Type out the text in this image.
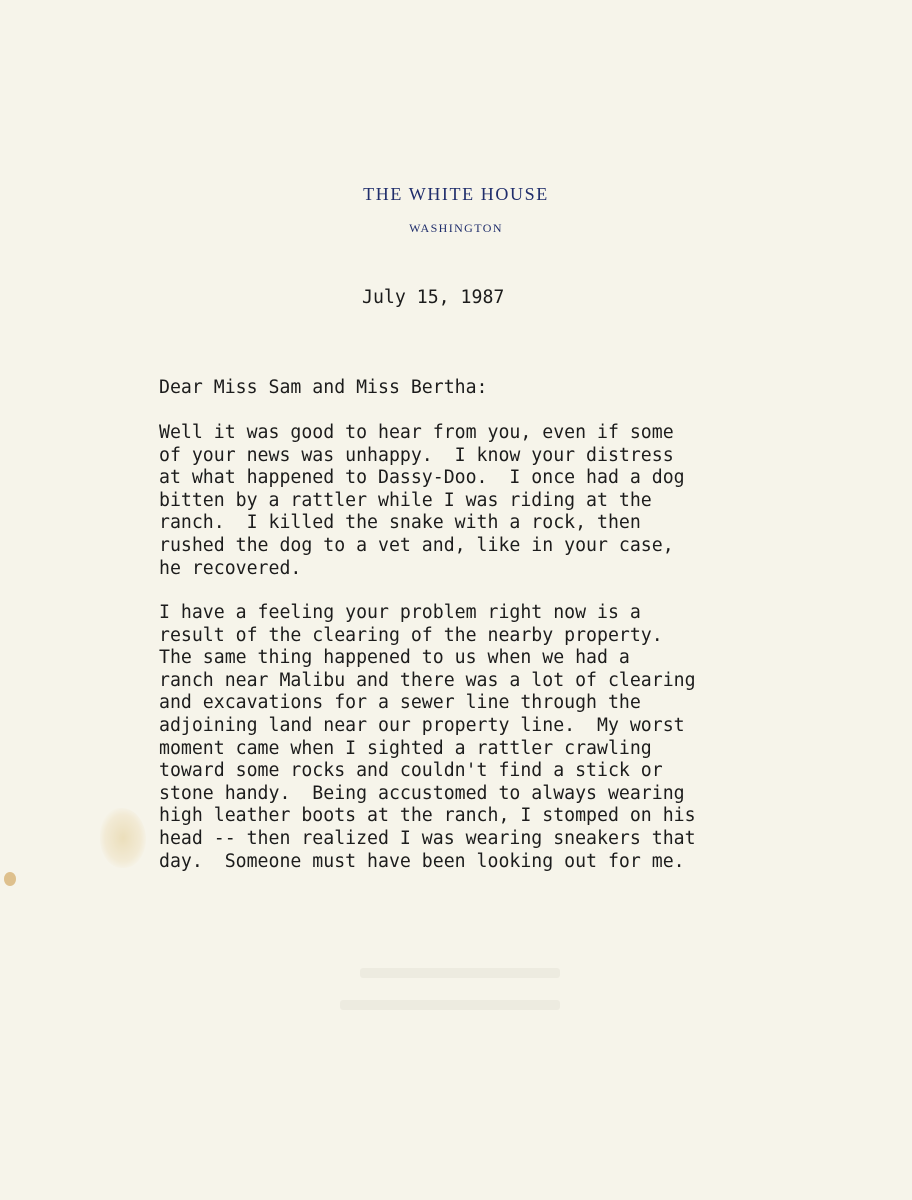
THE WHITE HOUSE
WASHINGTON
July 15, 1987
Dear Miss Sam and Miss Bertha:
Well it was good to hear from you, even if some
of your news was unhappy.  I know your distress
at what happened to Dassy-Doo.  I once had a dog
bitten by a rattler while I was riding at the
ranch.  I killed the snake with a rock, then
rushed the dog to a vet and, like in your case,
he recovered.
I have a feeling your problem right now is a
result of the clearing of the nearby property.
The same thing happened to us when we had a
ranch near Malibu and there was a lot of clearing
and excavations for a sewer line through the
adjoining land near our property line.  My worst
moment came when I sighted a rattler crawling
toward some rocks and couldn't find a stick or
stone handy.  Being accustomed to always wearing
high leather boots at the ranch, I stomped on his
head -- then realized I was wearing sneakers that
day.  Someone must have been looking out for me.
